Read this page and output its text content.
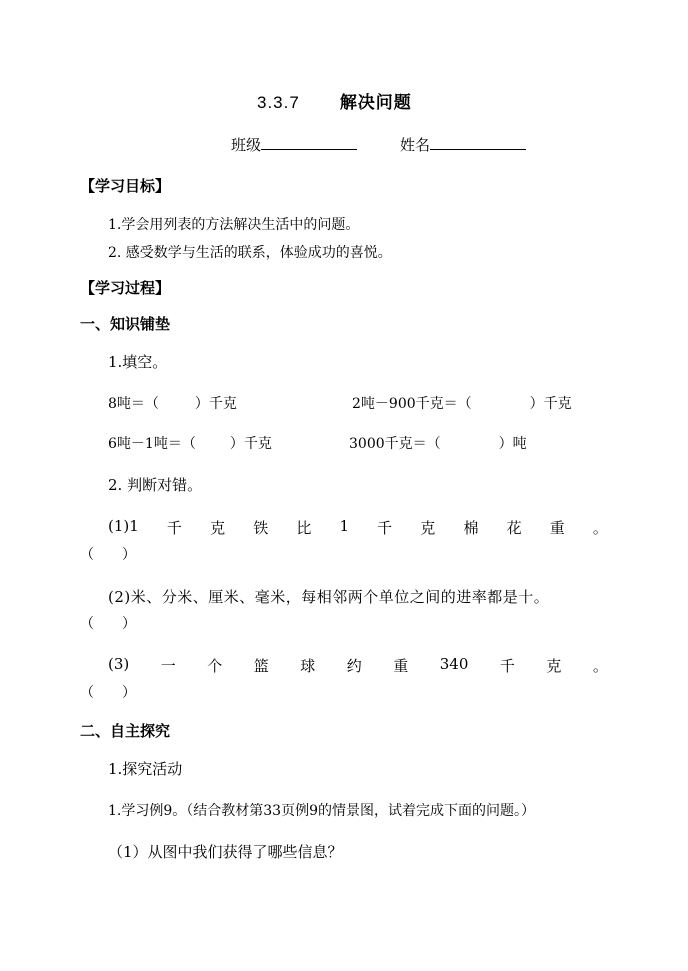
3.3.7 解决问题
班级	姓名
【学习目标】
1.学会用列表的方法解决生活中的问题。
2. 感受数学与生活的联系，体验成功的喜悦。
【学习过程】
一、知识铺垫
1.填空。
8吨＝（	）千克	2吨－900千克＝（	）千克
6吨－1吨＝（ ）千克	3000千克＝（	）吨
2. 判断对错。
(1)1 千 克 铁 比 1 千 克 棉 花 重 。
（　　）
(2)米、分米、厘米、毫米，每相邻两个单位之间的进率都是十。
（　　）
(3) 一 个 篮 球 约 重 340 千 克 。
（　　）
二、自主探究
1.探究活动
1.学习例9。（结合教材第33页例9的情景图，试着完成下面的问题。）
（1）从图中我们获得了哪些信息？
